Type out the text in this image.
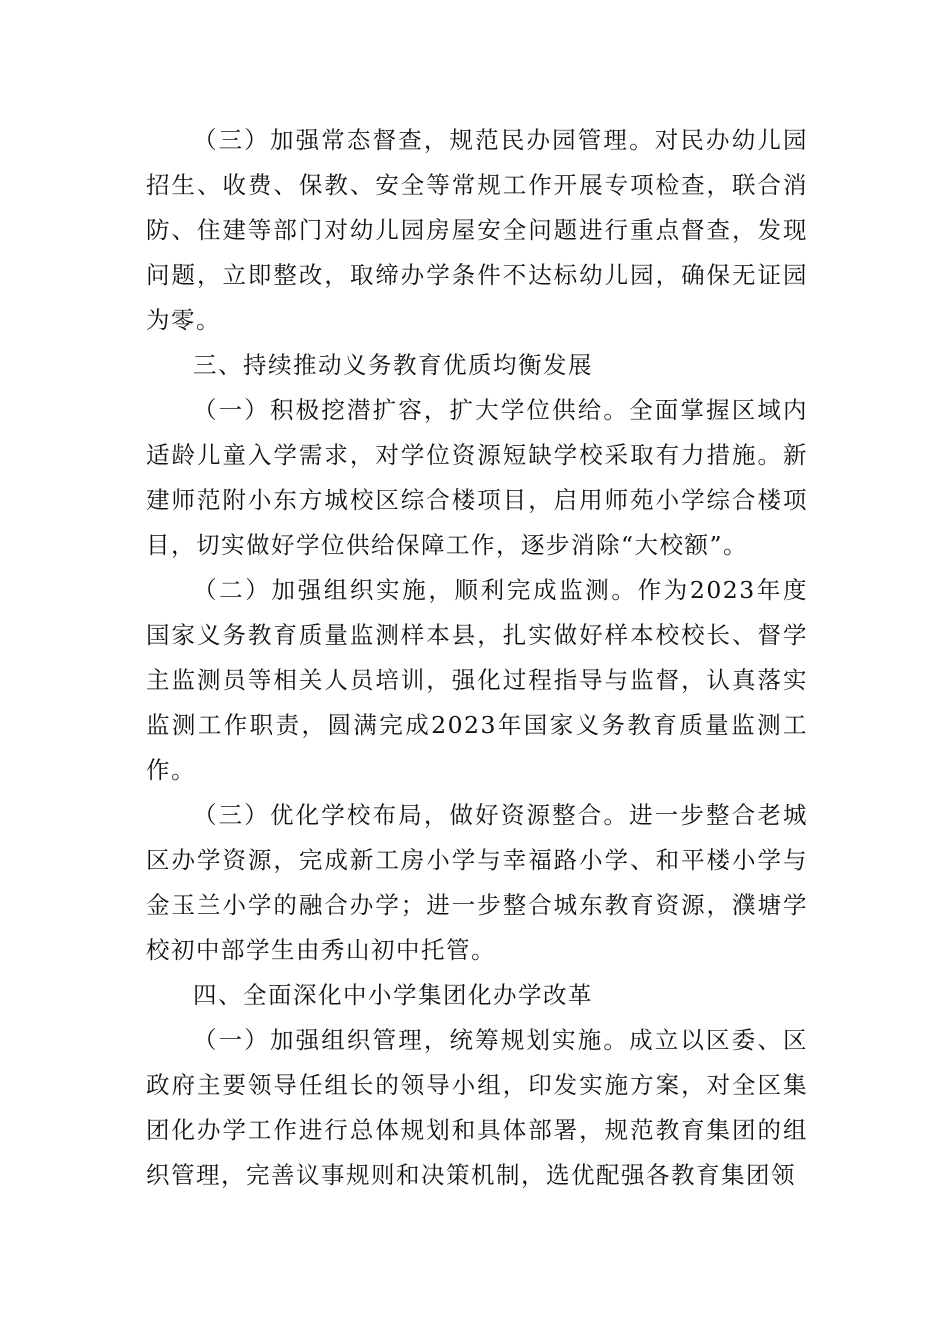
（三）加强常态督查，规范民办园管理。对民办幼儿园招生、收费、保教、安全等常规工作开展专项检查，联合消防、住建等部门对幼儿园房屋安全问题进行重点督查，发现问题，立即整改，取缔办学条件不达标幼儿园，确保无证园为零。

三、持续推动义务教育优质均衡发展

（一）积极挖潜扩容，扩大学位供给。全面掌握区域内适龄儿童入学需求，对学位资源短缺学校采取有力措施。新建师范附小东方城校区综合楼项目，启用师苑小学综合楼项目，切实做好学位供给保障工作，逐步消除“大校额”。

（二）加强组织实施，顺利完成监测。作为2023年度国家义务教育质量监测样本县，扎实做好样本校校长、督学主监测员等相关人员培训，强化过程指导与监督，认真落实监测工作职责，圆满完成2023年国家义务教育质量监测工作。

（三）优化学校布局，做好资源整合。进一步整合老城区办学资源，完成新工房小学与幸福路小学、和平楼小学与金玉兰小学的融合办学；进一步整合城东教育资源，濮塘学校初中部学生由秀山初中托管。

四、全面深化中小学集团化办学改革

（一）加强组织管理，统筹规划实施。成立以区委、区政府主要领导任组长的领导小组，印发实施方案，对全区集团化办学工作进行总体规划和具体部署，规范教育集团的组织管理，完善议事规则和决策机制，选优配强各教育集团领
